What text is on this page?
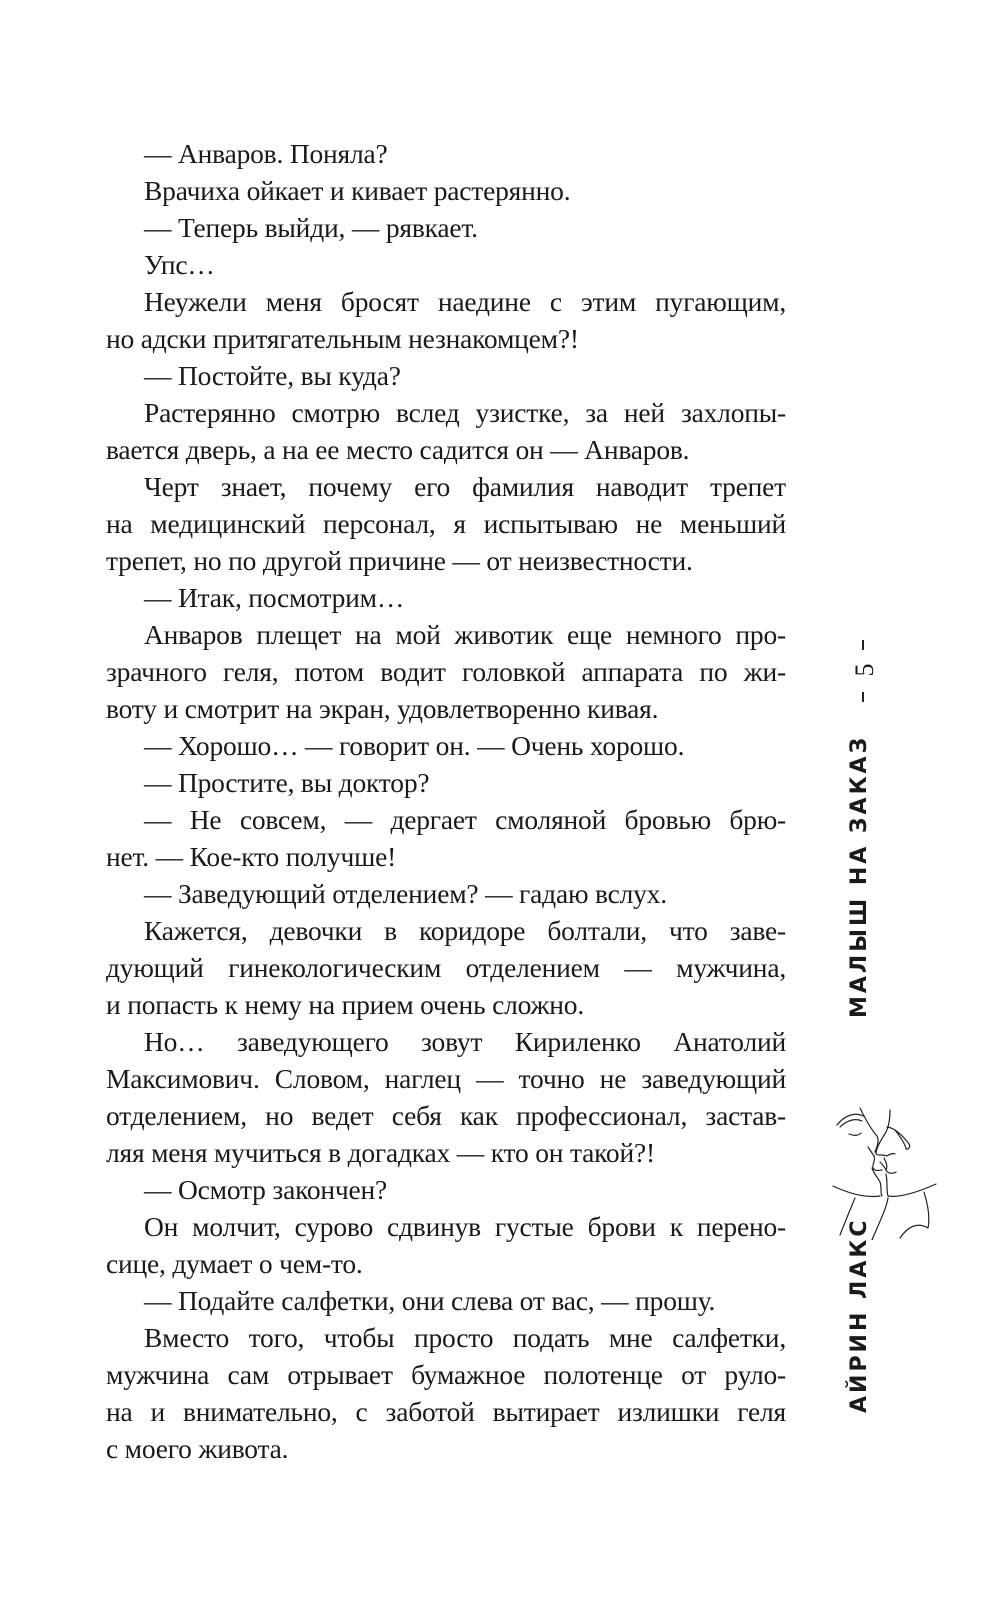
— Анваров. Поняла?
Врачиха ойкает и кивает растерянно.
— Теперь выйди, — рявкает.
Упс…
Неужели меня бросят наедине с этим пугающим,
но адски притягательным незнакомцем?!
— Постойте, вы куда?
Растерянно смотрю вслед узистке, за ней захлопы-
вается дверь, а на ее место садится он — Анваров.
Черт знает, почему его фамилия наводит трепет
на медицинский персонал, я испытываю не меньший
трепет, но по другой причине — от неизвестности.
— Итак, посмотрим…
Анваров плещет на мой животик еще немного про-
зрачного геля, потом водит головкой аппарата по жи-
воту и смотрит на экран, удовлетворенно кивая.
— Хорошо… — говорит он. — Очень хорошо.
— Простите, вы доктор?
— Не совсем, — дергает смоляной бровью брю-
нет. — Кое-кто получше!
— Заведующий отделением? — гадаю вслух.
Кажется, девочки в коридоре болтали, что заве-
дующий гинекологическим отделением — мужчина,
и попасть к нему на прием очень сложно.
Но… заведующего зовут Кириленко Анатолий
Максимович. Словом, наглец — точно не заведующий
отделением, но ведет себя как профессионал, застав-
ляя меня мучиться в догадках — кто он такой?!
— Осмотр закончен?
Он молчит, сурово сдвинув густые брови к перено-
сице, думает о чем-то.
— Подайте салфетки, они слева от вас, — прошу.
Вместо того, чтобы просто подать мне салфетки,
мужчина сам отрывает бумажное полотенце от руло-
на и внимательно, с заботой вытирает излишки геля
с моего живота.
5
МАЛЫШ НА ЗАКАЗ
АЙРИН ЛАКС
